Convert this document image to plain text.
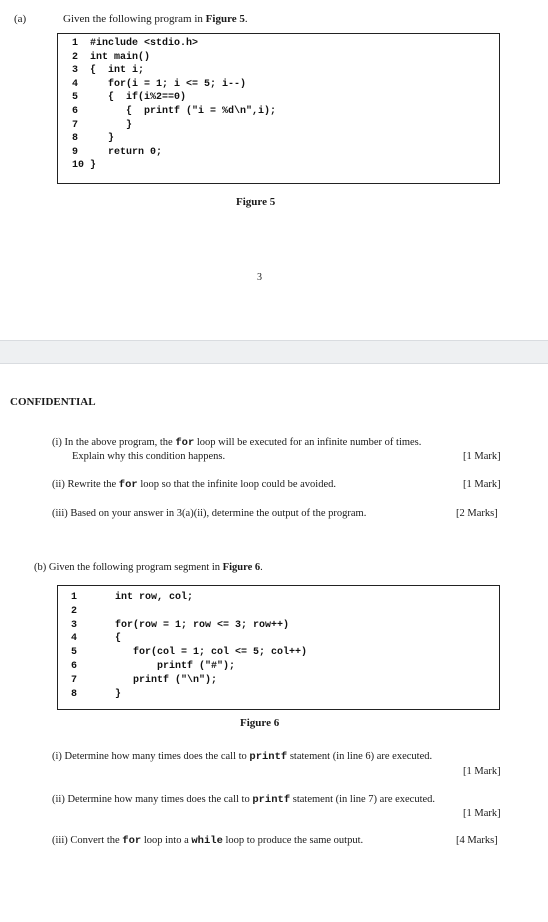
(a)	Given the following program in Figure 5.
1 #include <stdio.h>
2 int main()
3 {  int i;
4   for(i = 1; i <= 5; i--)
5   {  if(i%2==0)
6      {  printf ("i = %d\n",i);
7      }
8   }
9   return 0;
10 }
Figure 5
3
CONFIDENTIAL
(i) In the above program, the for loop will be executed for an infinite number of times.
Explain why this condition happens.	[1 Mark]
(ii) Rewrite the for loop so that the infinite loop could be avoided.	[1 Mark]
(iii) Based on your answer in 3(a)(ii), determine the output of the program.	[2 Marks]
(b) Given the following program segment in Figure 6.
1	int row, col;
2
3	for(row = 1; row <= 3; row++)
4	{
5	for(col = 1; col <= 5; col++)
6	printf ("#");
7	printf ("\n");
8	}
Figure 6
(i) Determine how many times does the call to printf statement (in line 6) are executed.
[1 Mark]
(ii) Determine how many times does the call to printf statement (in line 7) are executed.
[1 Mark]
(iii) Convert the for loop into a while loop to produce the same output.	[4 Marks]
